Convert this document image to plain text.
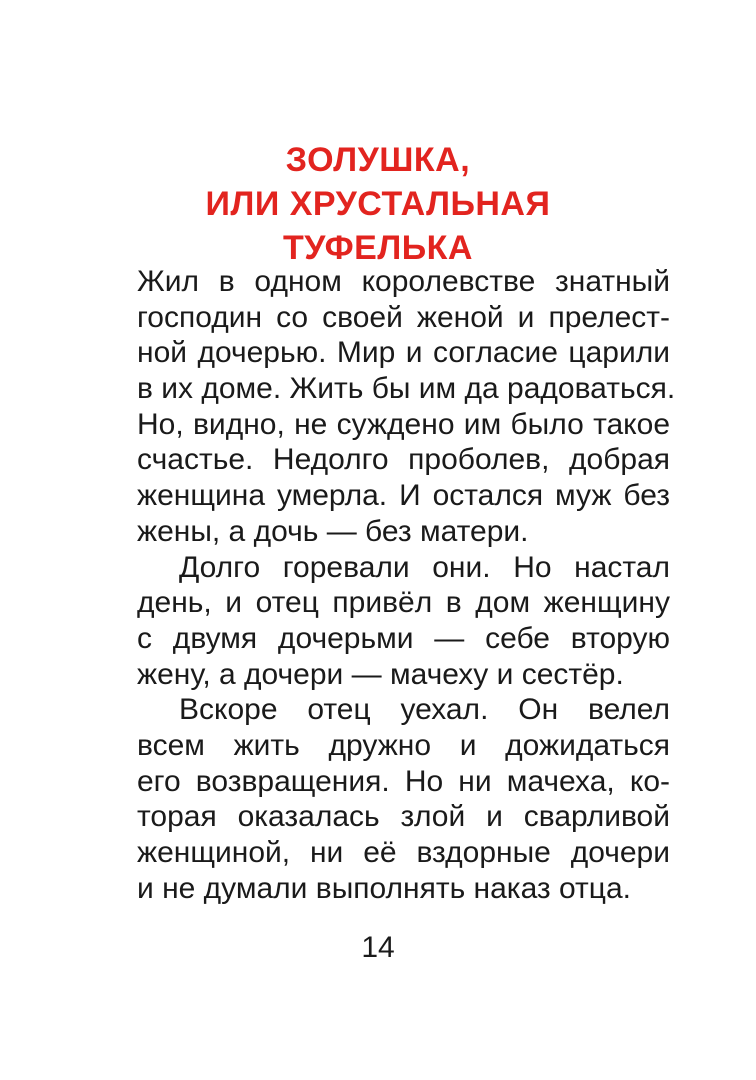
ЗОЛУШКА,
ИЛИ ХРУСТАЛЬНАЯ
ТУФЕЛЬКА
Жил в одном королевстве знатный
господин со своей женой и прелест-
ной дочерью. Мир и согласие царили
в их доме. Жить бы им да радоваться.
Но, видно, не суждено им было такое
счастье. Недолго проболев, добрая
женщина умерла. И остался муж без
жены, а дочь — без матери.
Долго горевали они. Но настал
день, и отец привёл в дом женщину
с двумя дочерьми — себе вторую
жену, а дочери — мачеху и сестёр.
Вскоре отец уехал. Он велел
всем жить дружно и дожидаться
его возвращения. Но ни мачеха, ко-
торая оказалась злой и сварливой
женщиной, ни её вздорные дочери
и не думали выполнять наказ отца.
14
